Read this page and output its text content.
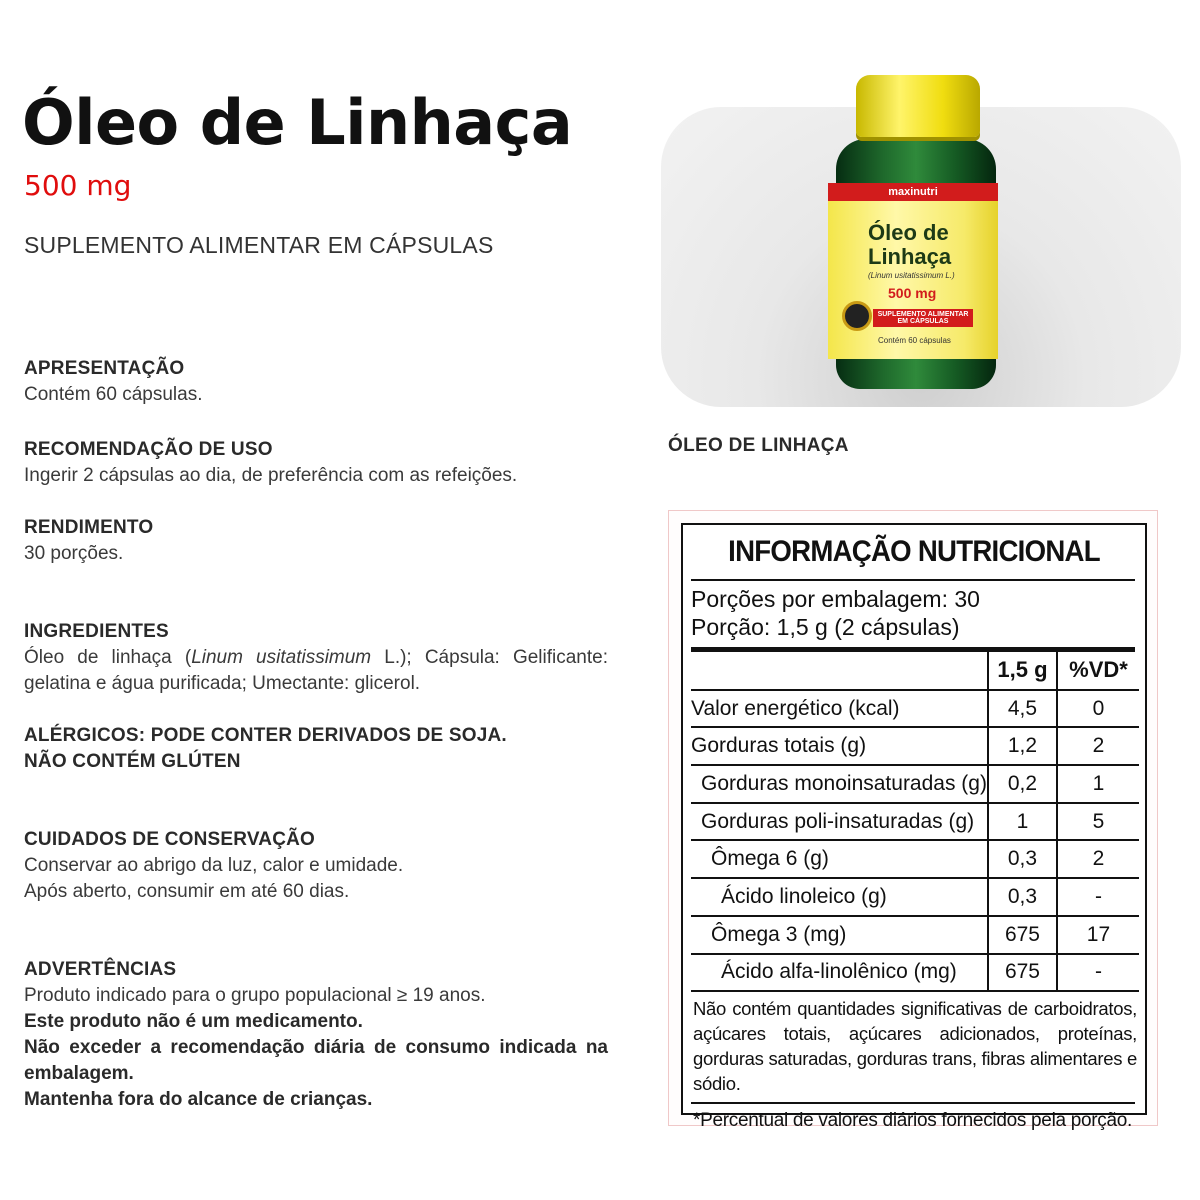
Óleo de Linhaça
500 mg
SUPLEMENTO ALIMENTAR EM CÁPSULAS
APRESENTAÇÃO

Contém 60 cápsulas.

RECOMENDAÇÃO DE USO

Ingerir 2 cápsulas ao dia, de preferência com as refeições.

RENDIMENTO

30 porções.

INGREDIENTES

Óleo de linhaça (Linum usitatissimum L.); Cápsula: Gelificante: gelatina e água purificada; Umectante: glicerol.

ALÉRGICOS: PODE CONTER DERIVADOS DE SOJA.
NÃO CONTÉM GLÚTEN
CUIDADOS DE CONSERVAÇÃO

Conservar ao abrigo da luz, calor e umidade.

Após aberto, consumir em até 60 dias.

ADVERTÊNCIAS

Produto indicado para o grupo populacional ≥ 19 anos.

Este produto não é um medicamento.

Não exceder a recomendação diária de consumo indicada na embalagem.

Mantenha fora do alcance de crianças.

maxinutri
Óleo de
Linhaça
(Linum usitatissimum L.)
500 mg
SUPLEMENTO ALIMENTAR EM CÁPSULAS
Contém 60 cápsulas
ÓLEO DE LINHAÇA
INFORMAÇÃO NUTRICIONAL
Porções por embalagem: 30
Porção: 1,5 g (2 cápsulas)
	1,5 g	%VD*
Valor energético (kcal)	4,5	0
Gorduras totais (g)	1,2	2
Gorduras monoinsaturadas (g)	0,2	1
Gorduras poli-insaturadas (g)	1	5
Ômega 6 (g)	0,3	2
Ácido linoleico (g)	0,3	-
Ômega 3 (mg)	675	17
Ácido alfa-linolênico (mg)	675	-
Não contém quantidades significativas de carboidratos, açúcares totais, açúcares adicionados, proteínas, gorduras saturadas, gorduras trans, fibras alimentares e sódio.
*Percentual de valores diários fornecidos pela porção.
